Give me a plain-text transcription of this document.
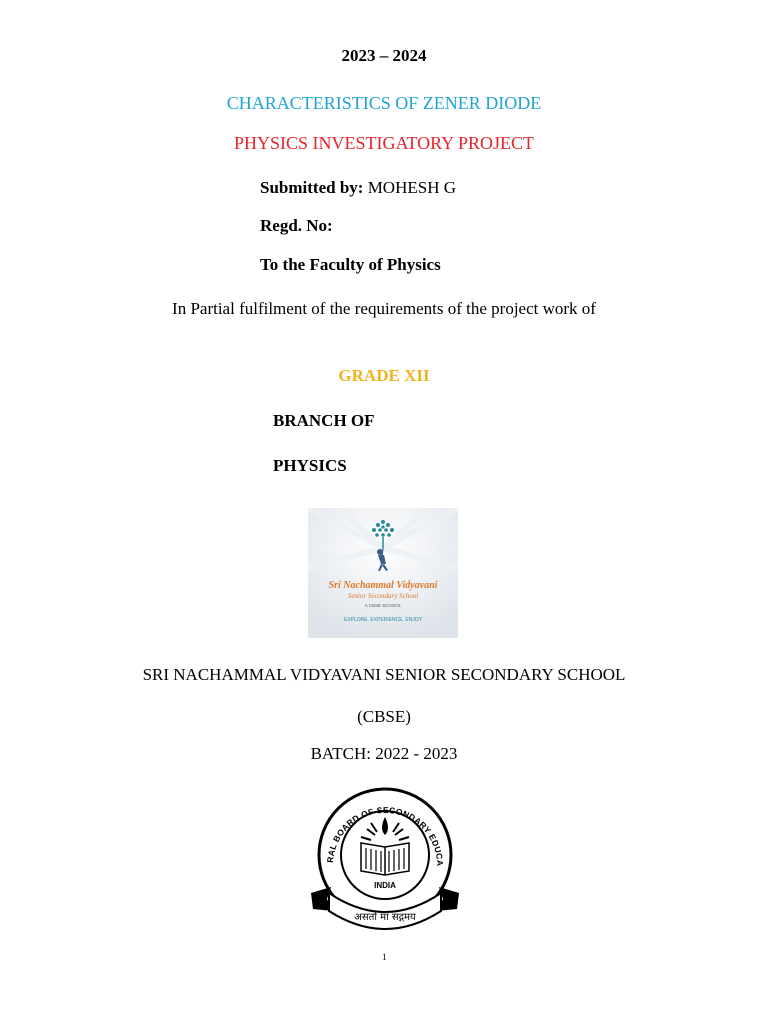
2023 – 2024
CHARACTERISTICS OF ZENER DIODE
PHYSICS INVESTIGATORY PROJECT
Submitted by: MOHESH G
Regd. No:
To the Faculty of Physics
In Partial fulfilment of the requirements of the project work of
GRADE XII
BRANCH OF
PHYSICS
Sri Nachammal Vidyavani
Senior Secondary School
A CBSE SCHOOL
EXPLORE. EXPERIENCE. ENJOY
SRI NACHAMMAL VIDYAVANI SENIOR SECONDARY SCHOOL
(CBSE)
BATCH: 2022 - 2023
RAL BOARD OF SECONDARY EDUCA
INDIA
असतो मा सद्गमय
1
